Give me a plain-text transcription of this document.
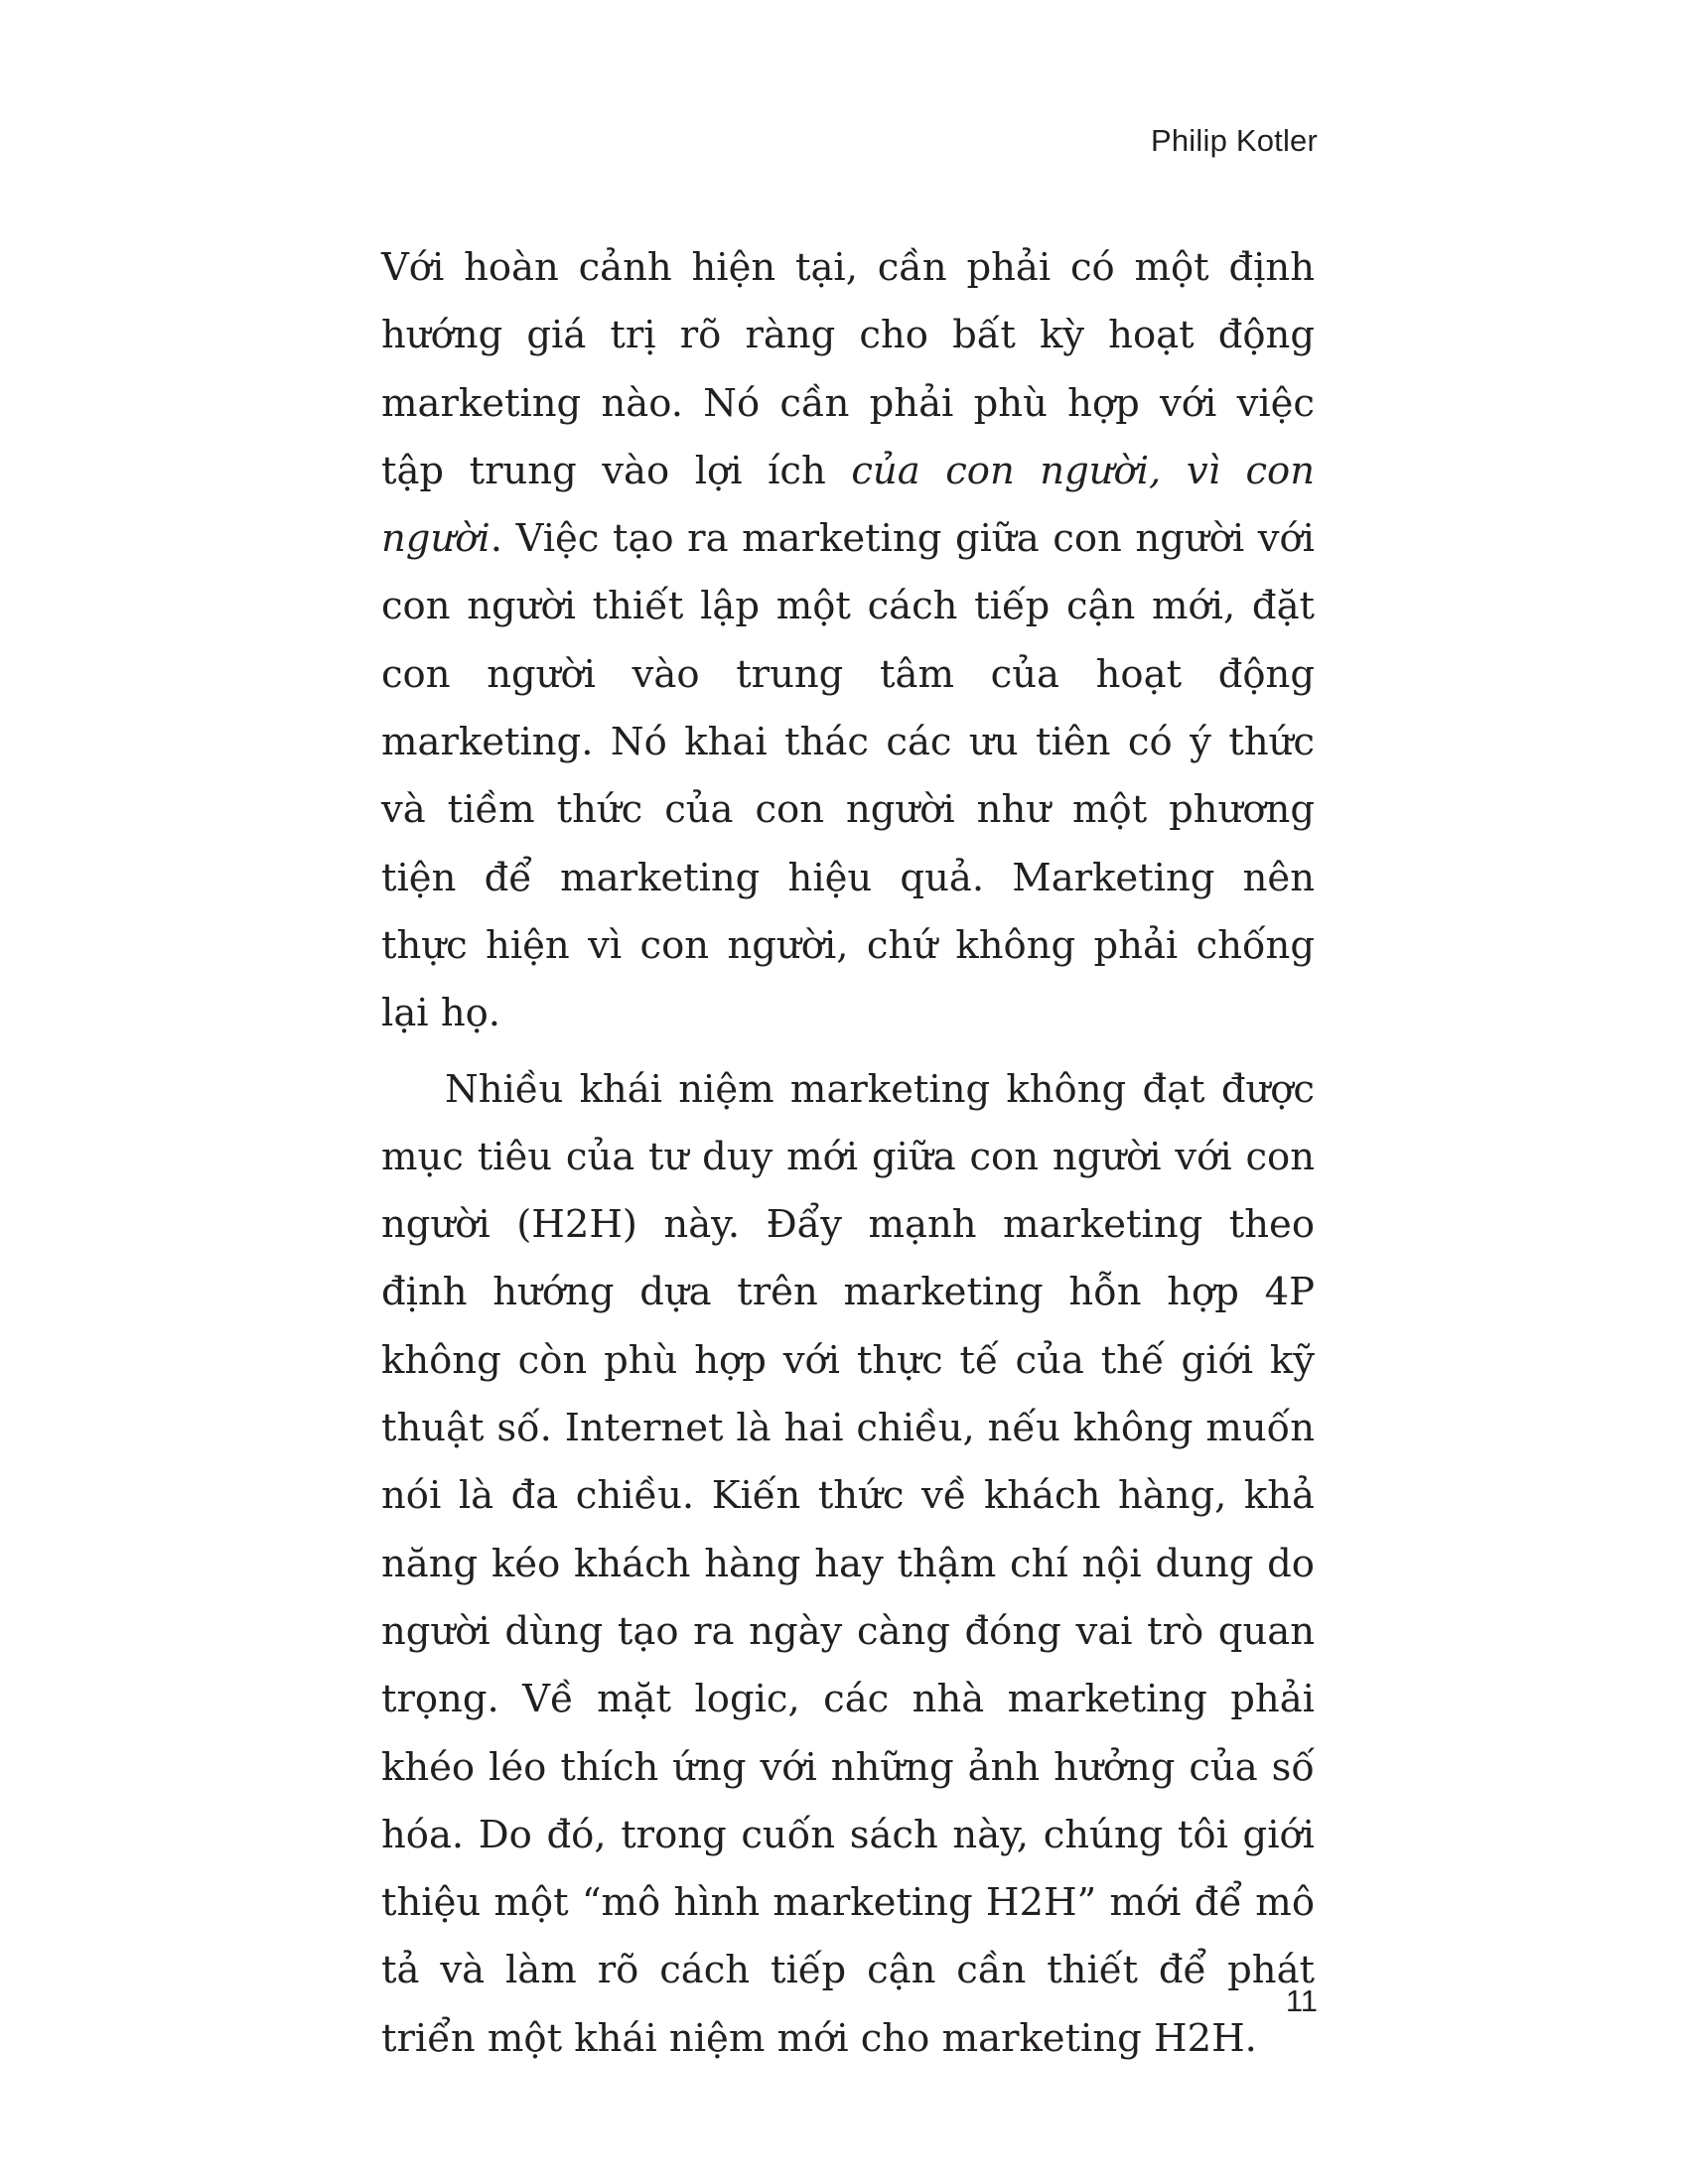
Philip Kotler

Với hoàn cảnh hiện tại, cần phải có một định hướng giá trị rõ ràng cho bất kỳ hoạt động marketing nào. Nó cần phải phù hợp với việc tập trung vào lợi ích của con người, vì con người. Việc tạo ra marketing giữa con người với con người thiết lập một cách tiếp cận mới, đặt con người vào trung tâm của hoạt động marketing. Nó khai thác các ưu tiên có ý thức và tiềm thức của con người như một phương tiện để marketing hiệu quả. Marketing nên thực hiện vì con người, chứ không phải chống lại họ.

Nhiều khái niệm marketing không đạt được mục tiêu của tư duy mới giữa con người với con người (H2H) này. Đẩy mạnh marketing theo định hướng dựa trên marketing hỗn hợp 4P không còn phù hợp với thực tế của thế giới kỹ thuật số. Internet là hai chiều, nếu không muốn nói là đa chiều. Kiến thức về khách hàng, khả năng kéo khách hàng hay thậm chí nội dung do người dùng tạo ra ngày càng đóng vai trò quan trọng. Về mặt logic, các nhà marketing phải khéo léo thích ứng với những ảnh hưởng của số hóa. Do đó, trong cuốn sách này, chúng tôi giới thiệu một “mô hình marketing H2H” mới để mô tả và làm rõ cách tiếp cận cần thiết để phát triển một khái niệm mới cho marketing H2H.

11
